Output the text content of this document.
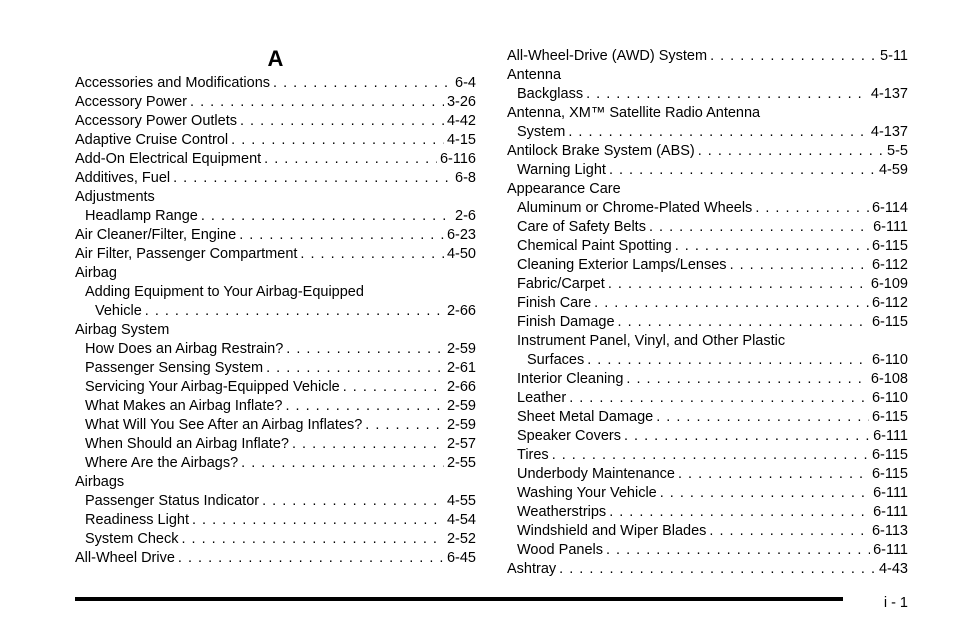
A
Accessories and Modifications . . .	6-4
Accessory Power . . .	3-26
Accessory Power Outlets . . .	4-42
Adaptive Cruise Control . . .	4-15
Add-On Electrical Equipment . . .	6-116
Additives, Fuel . . .	6-8
Adjustments
Headlamp Range . . .	2-6
Air Cleaner/Filter, Engine . . .	6-23
Air Filter, Passenger Compartment . . .	4-50
Airbag
Adding Equipment to Your Airbag-Equipped
Vehicle . . .	2-66
Airbag System
How Does an Airbag Restrain? . . .	2-59
Passenger Sensing System . . .	2-61
Servicing Your Airbag-Equipped Vehicle . . .	2-66
What Makes an Airbag Inflate? . . .	2-59
What Will You See After an Airbag Inflates? . . .	2-59
When Should an Airbag Inflate? . . .	2-57
Where Are the Airbags? . . .	2-55
Airbags
Passenger Status Indicator . . .	4-55
Readiness Light . . .	4-54
System Check . . .	2-52
All-Wheel Drive . . .	6-45
All-Wheel-Drive (AWD) System . . .	5-11
Antenna
Backglass . . .	4-137
Antenna, XM™ Satellite Radio Antenna
System . . .	4-137
Antilock Brake System (ABS) . . .	5-5
Warning Light . . .	4-59
Appearance Care
Aluminum or Chrome-Plated Wheels . . .	6-114
Care of Safety Belts . . .	6-111
Chemical Paint Spotting . . .	6-115
Cleaning Exterior Lamps/Lenses . . .	6-112
Fabric/Carpet . . .	6-109
Finish Care . . .	6-112
Finish Damage . . .	6-115
Instrument Panel, Vinyl, and Other Plastic
Surfaces . . .	6-110
Interior Cleaning . . .	6-108
Leather . . .	6-110
Sheet Metal Damage . . .	6-115
Speaker Covers . . .	6-111
Tires . . .	6-115
Underbody Maintenance . . .	6-115
Washing Your Vehicle . . .	6-111
Weatherstrips . . .	6-111
Windshield and Wiper Blades . . .	6-113
Wood Panels . . .	6-111
Ashtray . . .	4-43
i - 1
